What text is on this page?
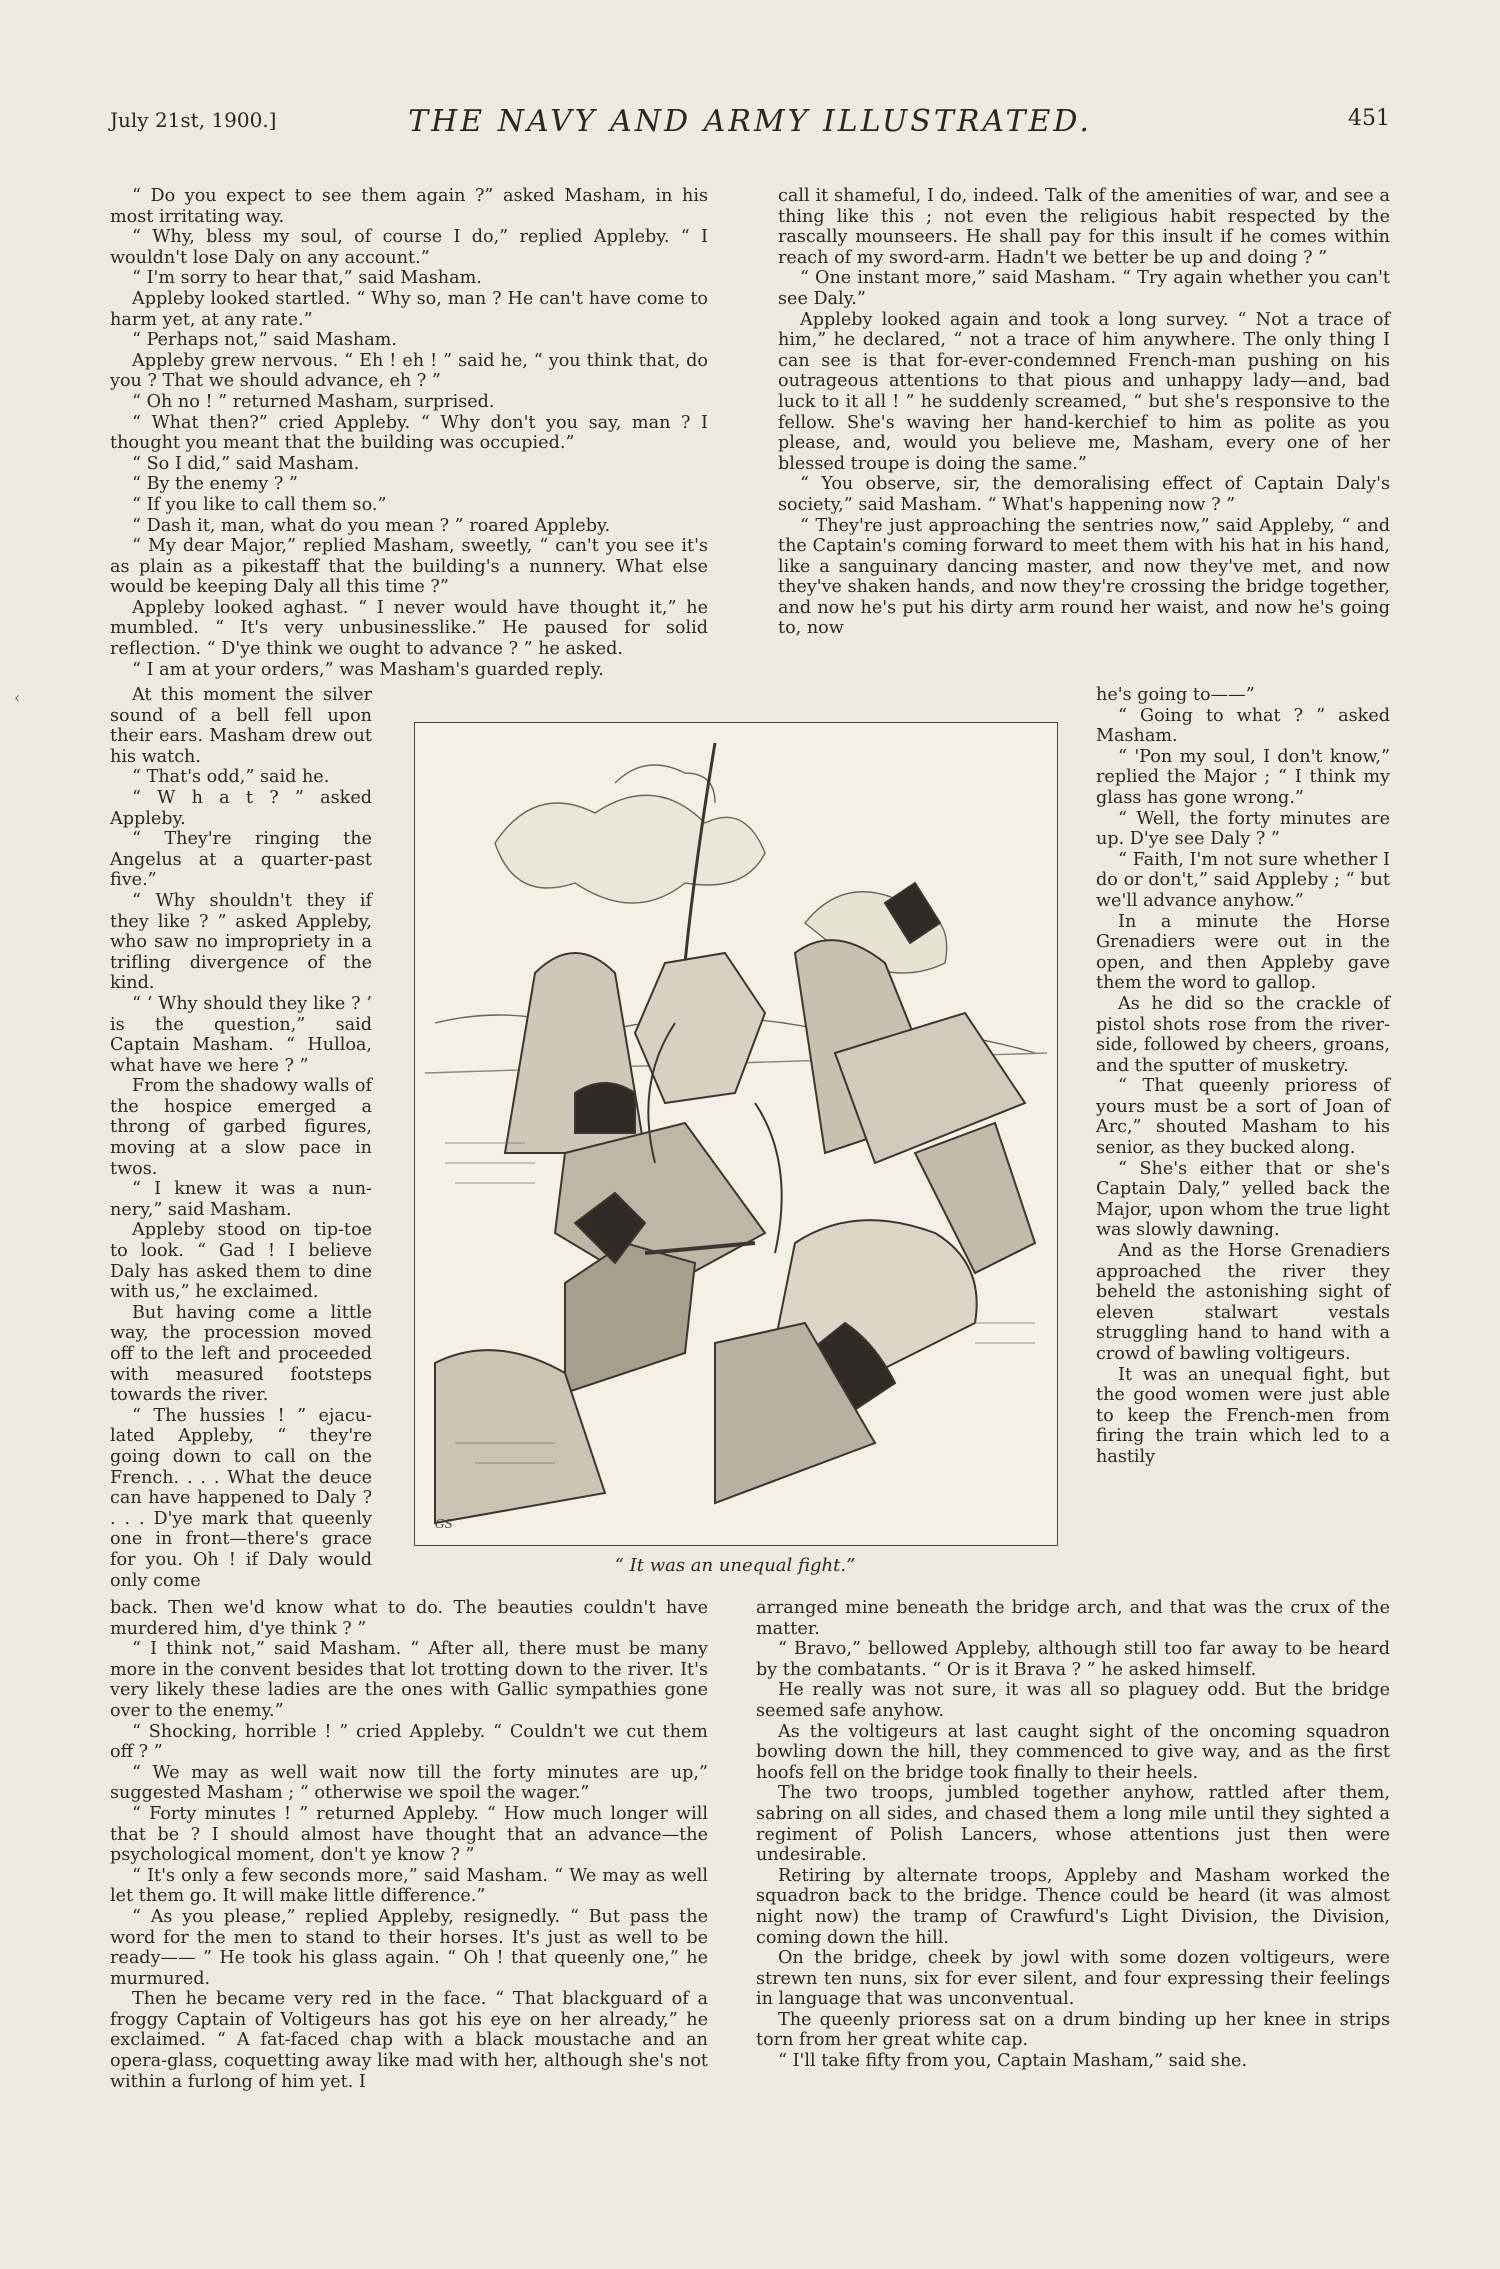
July 21st, 1900.]	THE NAVY AND ARMY ILLUSTRATED.	451
‹

“ Do you expect to see them again ?” asked Masham, in his most irritating way.

“ Why, bless my soul, of course I do,” replied Appleby. “ I wouldn't lose Daly on any account.”

“ I'm sorry to hear that,” said Masham.

Appleby looked startled. “ Why so, man ? He can't have come to harm yet, at any rate.”

“ Perhaps not,” said Masham.

Appleby grew nervous. “ Eh ! eh ! ” said he, “ you think that, do you ? That we should advance, eh ? ”

“ Oh no ! ” returned Masham, surprised.

“ What then?” cried Appleby. “ Why don't you say, man ? I thought you meant that the building was occupied.”

“ So I did,” said Masham.

“ By the enemy ? ”

“ If you like to call them so.”

“ Dash it, man, what do you mean ? ” roared Appleby.

“ My dear Major,” replied Masham, sweetly, “ can't you see it's as plain as a pikestaff that the building's a nunnery. What else would be keeping Daly all this time ?”

Appleby looked aghast. “ I never would have thought it,” he mumbled. “ It's very unbusinesslike.” He paused for solid reflection. “ D'ye think we ought to advance ? ” he asked.

“ I am at your orders,” was Masham's guarded reply.

call it shameful, I do, indeed. Talk of the amenities of war, and see a thing like this ; not even the religious habit respected by the rascally mounseers. He shall pay for this insult if he comes within reach of my sword-arm. Hadn't we better be up and doing ? ”

“ One instant more,” said Masham. “ Try again whether you can't see Daly.”

Appleby looked again and took a long survey. “ Not a trace of him,” he declared, “ not a trace of him anywhere. The only thing I can see is that for-ever-condemned French-man pushing on his outrageous attentions to that pious and unhappy lady—and, bad luck to it all ! ” he suddenly screamed, “ but she's responsive to the fellow. She's waving her hand-kerchief to him as polite as you please, and, would you believe me, Masham, every one of her blessed troupe is doing the same.”

“ You observe, sir, the demoralising effect of Captain Daly's society,” said Masham. “ What's happening now ? ”

“ They're just approaching the sentries now,” said Appleby, “ and the Captain's coming forward to meet them with his hat in his hand, like a sanguinary dancing master, and now they've met, and now they've shaken hands, and now they're crossing the bridge together, and now he's put his dirty arm round her waist, and now he's going to, now

At this moment the silver sound of a bell fell upon their ears. Masham drew out his watch.

“ That's odd,” said he.

“ W h a t ? ” asked Appleby.

“ They're ringing the Angelus at a quarter-past five.”

“ Why shouldn't they if they like ? ” asked Appleby, who saw no impropriety in a trifling divergence of the kind.

“ ‘ Why should they like ? ’ is the question,” said Captain Masham. “ Hulloa, what have we here ? ”

From the shadowy walls of the hospice emerged a throng of garbed figures, moving at a slow pace in twos.

“ I knew it was a nun-nery,” said Masham.

Appleby stood on tip-toe to look. “ Gad ! I believe Daly has asked them to dine with us,” he exclaimed.

But having come a little way, the procession moved off to the left and proceeded with measured footsteps towards the river.

“ The hussies ! ” ejacu-lated Appleby, “ they're going down to call on the French. . . . What the deuce can have happened to Daly ? . . . D'ye mark that queenly one in front—there's grace for you. Oh ! if Daly would only come

GS
“ It was an unequal fight.”

he's going to——”

“ Going to what ? ” asked Masham.

“ 'Pon my soul, I don't know,” replied the Major ; “ I think my glass has gone wrong.”

“ Well, the forty minutes are up. D'ye see Daly ? ”

“ Faith, I'm not sure whether I do or don't,” said Appleby ; “ but we'll advance anyhow.”

In a minute the Horse Grenadiers were out in the open, and then Appleby gave them the word to gallop.

As he did so the crackle of pistol shots rose from the river-side, followed by cheers, groans, and the sputter of musketry.

“ That queenly prioress of yours must be a sort of Joan of Arc,” shouted Masham to his senior, as they bucked along.

“ She's either that or she's Captain Daly,” yelled back the Major, upon whom the true light was slowly dawning.

And as the Horse Grenadiers approached the river they beheld the astonishing sight of eleven stalwart vestals struggling hand to hand with a crowd of bawling voltigeurs.

It was an unequal fight, but the good women were just able to keep the French-men from firing the train which led to a hastily

back. Then we'd know what to do. The beauties couldn't have murdered him, d'ye think ? ”

“ I think not,” said Masham. “ After all, there must be many more in the convent besides that lot trotting down to the river. It's very likely these ladies are the ones with Gallic sympathies gone over to the enemy.”

“ Shocking, horrible ! ” cried Appleby. “ Couldn't we cut them off ? ”

“ We may as well wait now till the forty minutes are up,” suggested Masham ; “ otherwise we spoil the wager.”

“ Forty minutes ! ” returned Appleby. “ How much longer will that be ? I should almost have thought that an advance—the psychological moment, don't ye know ? ”

“ It's only a few seconds more,” said Masham. “ We may as well let them go. It will make little difference.”

“ As you please,” replied Appleby, resignedly. “ But pass the word for the men to stand to their horses. It's just as well to be ready—— ” He took his glass again. “ Oh ! that queenly one,” he murmured.

Then he became very red in the face. “ That blackguard of a froggy Captain of Voltigeurs has got his eye on her already,” he exclaimed. “ A fat-faced chap with a black moustache and an opera-glass, coquetting away like mad with her, although she's not within a furlong of him yet. I

arranged mine beneath the bridge arch, and that was the crux of the matter.

“ Bravo,” bellowed Appleby, although still too far away to be heard by the combatants. “ Or is it Brava ? ” he asked himself.

He really was not sure, it was all so plaguey odd. But the bridge seemed safe anyhow.

As the voltigeurs at last caught sight of the oncoming squadron bowling down the hill, they commenced to give way, and as the first hoofs fell on the bridge took finally to their heels.

The two troops, jumbled together anyhow, rattled after them, sabring on all sides, and chased them a long mile until they sighted a regiment of Polish Lancers, whose attentions just then were undesirable.

Retiring by alternate troops, Appleby and Masham worked the squadron back to the bridge. Thence could be heard (it was almost night now) the tramp of Crawfurd's Light Division, the Division, coming down the hill.

On the bridge, cheek by jowl with some dozen voltigeurs, were strewn ten nuns, six for ever silent, and four expressing their feelings in language that was unconventual.

The queenly prioress sat on a drum binding up her knee in strips torn from her great white cap.

“ I'll take fifty from you, Captain Masham,” said she.
